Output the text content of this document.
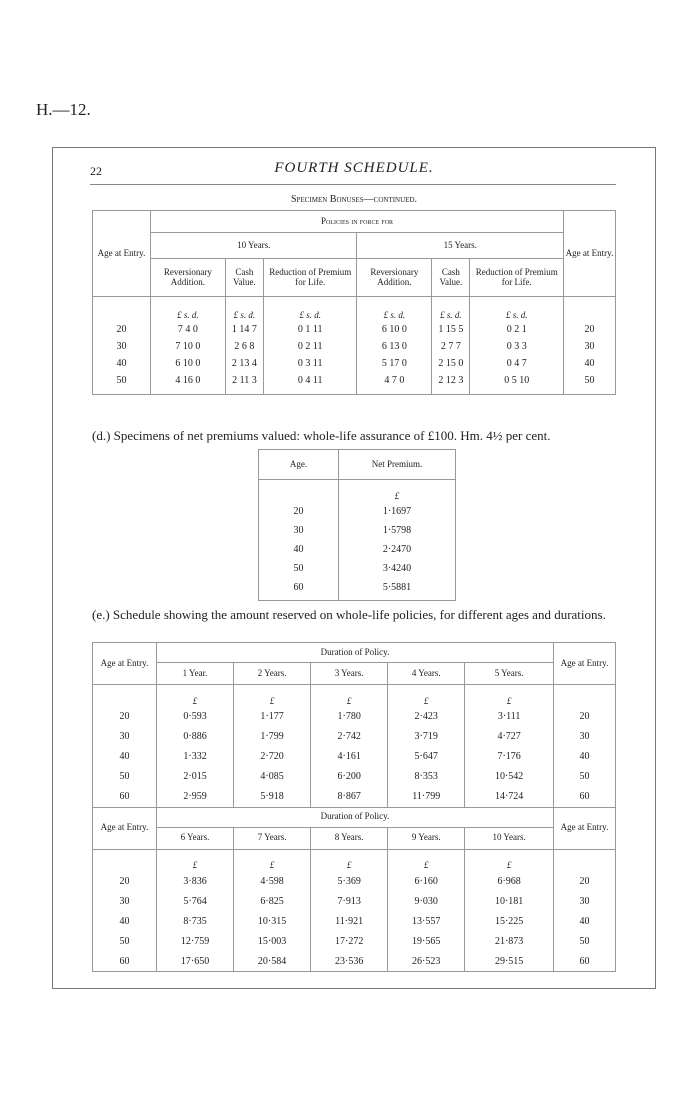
H.—12.
22	FOURTH SCHEDULE.
Specimen Bonuses—continued.
Age at Entry.	Policies in force for						Age at Entry.
	10 Years.			15 Years.			
	Reversionary Addition.	Cash Value.	Reduction of Premium for Life.	Reversionary Addition.	Cash Value.	Reduction of Premium for Life.	
	£ s. d.	£ s. d.	£ s. d.	£ s. d.	£ s. d.	£ s. d.	
20	7 4 0	1 14 7	0 1 11	6 10 0	1 15 5	0 2 1	20
30	7 10 0	2 6 8	0 2 11	6 13 0	2 7 7	0 3 3	30
40	6 10 0	2 13 4	0 3 11	5 17 0	2 15 0	0 4 7	40
50	4 16 0	2 11 3	0 4 11	4 7 0	2 12 3	0 5 10	50

(d.) Specimens of net premiums valued: whole-life assurance of £100. Hm. 4½ per cent.
Age.	Net Premium.
	£
20	1·1697
30	1·5798
40	2·2470
50	3·4240
60	5·5881

(e.) Schedule showing the amount reserved on whole-life policies, for different ages and durations.
Age at Entry.	Duration of Policy.					Age at Entry.
	1 Year.	2 Years.	3 Years.	4 Years.	5 Years.	
	£	£	£	£	£	
20	0·593	1·177	1·780	2·423	3·111	20
30	0·886	1·799	2·742	3·719	4·727	30
40	1·332	2·720	4·161	5·647	7·176	40
50	2·015	4·085	6·200	8·353	10·542	50
60	2·959	5·918	8·867	11·799	14·724	60
Age at Entry.	Duration of Policy.					Age at Entry.
	6 Years.	7 Years.	8 Years.	9 Years.	10 Years.	
	£	£	£	£	£	
20	3·836	4·598	5·369	6·160	6·968	20
30	5·764	6·825	7·913	9·030	10·181	30
40	8·735	10·315	11·921	13·557	15·225	40
50	12·759	15·003	17·272	19·565	21·873	50
60	17·650	20·584	23·536	26·523	29·515	60
